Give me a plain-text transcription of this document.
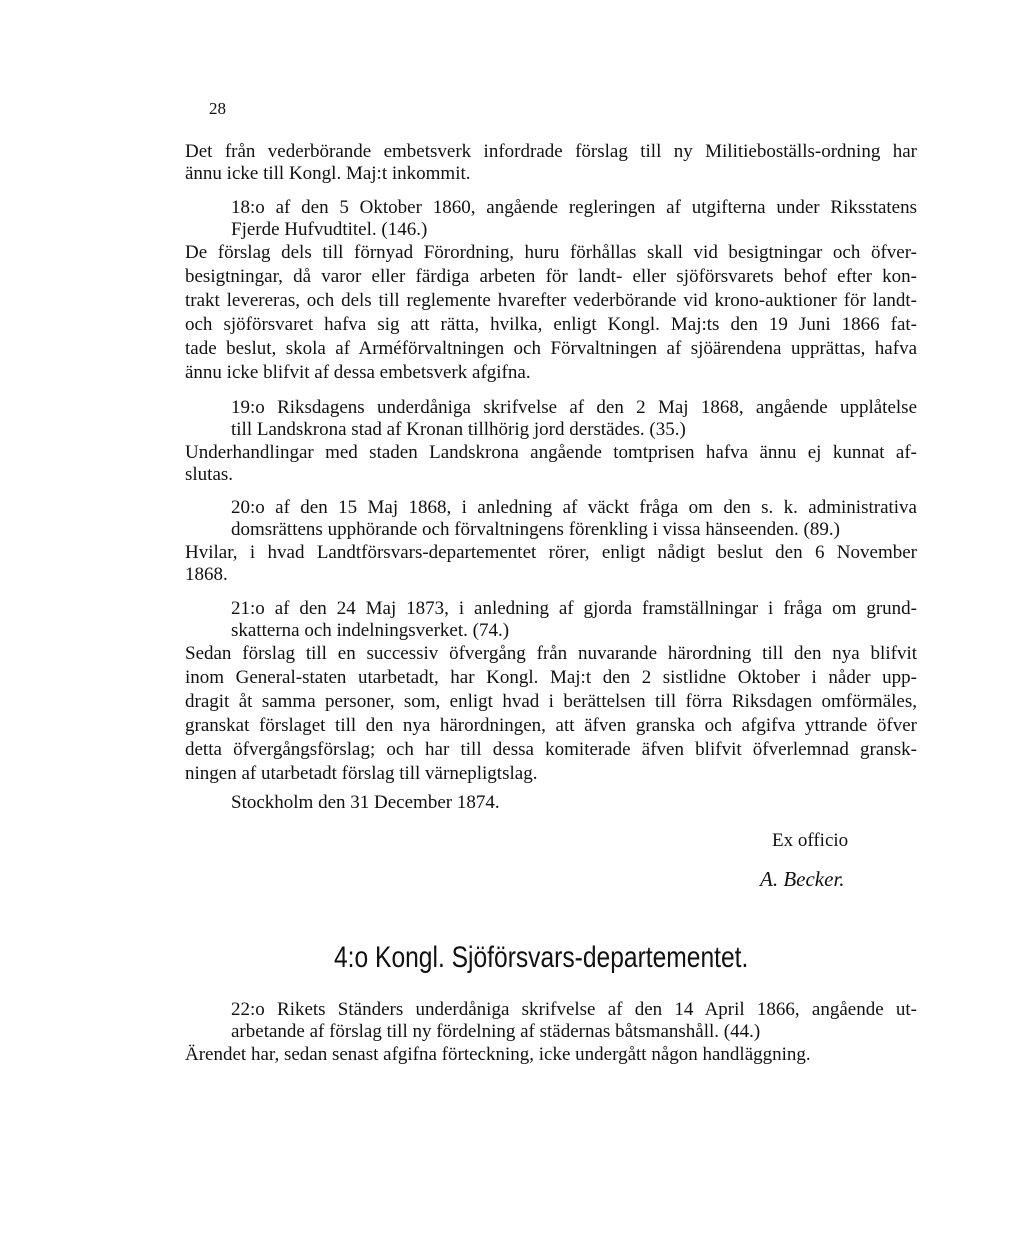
28
Det från vederbörande embetsverk infordrade förslag till ny Militieboställs-ordning har
ännu icke till Kongl. Maj:t inkommit.
18:o af den 5 Oktober 1860, angående regleringen af utgifterna under Riksstatens
Fjerde Hufvudtitel. (146.)
De förslag dels till förnyad Förordning, huru förhållas skall vid besigtningar och öfver-
besigtningar, då varor eller färdiga arbeten för landt- eller sjöförsvarets behof efter kon-
trakt levereras, och dels till reglemente hvarefter vederbörande vid krono-auktioner för landt-
och sjöförsvaret hafva sig att rätta, hvilka, enligt Kongl. Maj:ts den 19 Juni 1866 fat-
tade beslut, skola af Arméförvaltningen och Förvaltningen af sjöärendena upprättas, hafva
ännu icke blifvit af dessa embetsverk afgifna.
19:o Riksdagens underdåniga skrifvelse af den 2 Maj 1868, angående upplåtelse
till Landskrona stad af Kronan tillhörig jord derstädes. (35.)
Underhandlingar med staden Landskrona angående tomtprisen hafva ännu ej kunnat af-
slutas.
20:o af den 15 Maj 1868, i anledning af väckt fråga om den s. k. administrativa
domsrättens upphörande och förvaltningens förenkling i vissa hänseenden. (89.)
Hvilar, i hvad Landtförsvars-departementet rörer, enligt nådigt beslut den 6 November
1868.
21:o af den 24 Maj 1873, i anledning af gjorda framställningar i fråga om grund-
skatterna och indelningsverket. (74.)
Sedan förslag till en successiv öfvergång från nuvarande härordning till den nya blifvit
inom General-staten utarbetadt, har Kongl. Maj:t den 2 sistlidne Oktober i nåder upp-
dragit åt samma personer, som, enligt hvad i berättelsen till förra Riksdagen omförmäles,
granskat förslaget till den nya härordningen, att äfven granska och afgifva yttrande öfver
detta öfvergångsförslag; och har till dessa komiterade äfven blifvit öfverlemnad gransk-
ningen af utarbetadt förslag till värnepligtslag.
Stockholm den 31 December 1874.
Ex officio
A. Becker.
4:o Kongl. Sjöförsvars-departementet.
22:o Rikets Ständers underdåniga skrifvelse af den 14 April 1866, angående ut-
arbetande af förslag till ny fördelning af städernas båtsmanshåll. (44.)
Ärendet har, sedan senast afgifna förteckning, icke undergått någon handläggning.
